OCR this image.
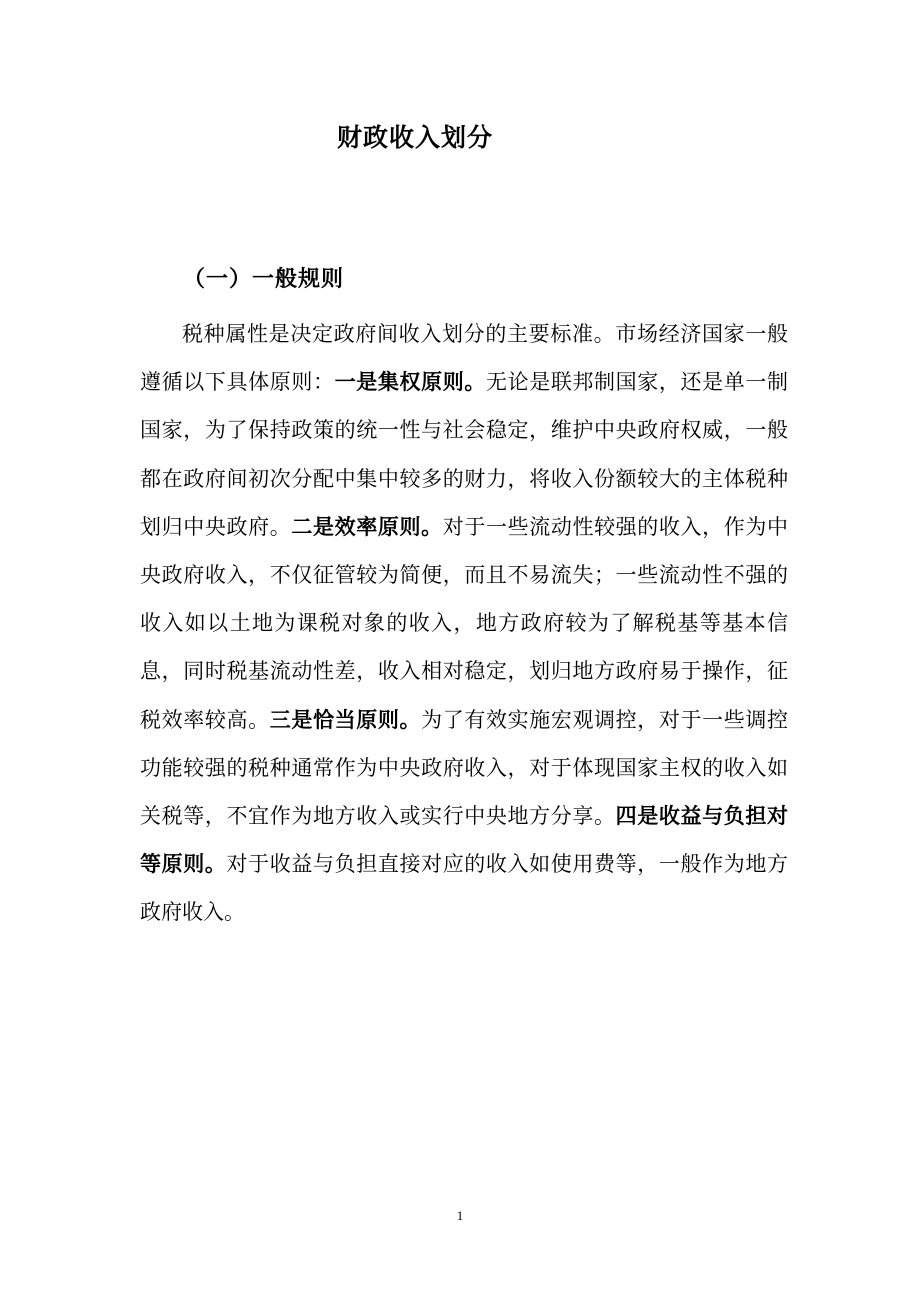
财政收入划分
（一）一般规则

税种属性是决定政府间收入划分的主要标准。市场经济国家一般遵循以下具体原则：一是集权原则。无论是联邦制国家，还是单一制国家，为了保持政策的统一性与社会稳定，维护中央政府权威，一般都在政府间初次分配中集中较多的财力，将收入份额较大的主体税种划归中央政府。二是效率原则。对于一些流动性较强的收入，作为中央政府收入，不仅征管较为简便，而且不易流失；一些流动性不强的收入如以土地为课税对象的收入，地方政府较为了解税基等基本信息，同时税基流动性差，收入相对稳定，划归地方政府易于操作，征税效率较高。三是恰当原则。为了有效实施宏观调控，对于一些调控功能较强的税种通常作为中央政府收入，对于体现国家主权的收入如关税等，不宜作为地方收入或实行中央地方分享。四是收益与负担对等原则。对于收益与负担直接对应的收入如使用费等，一般作为地方政府收入。

1
